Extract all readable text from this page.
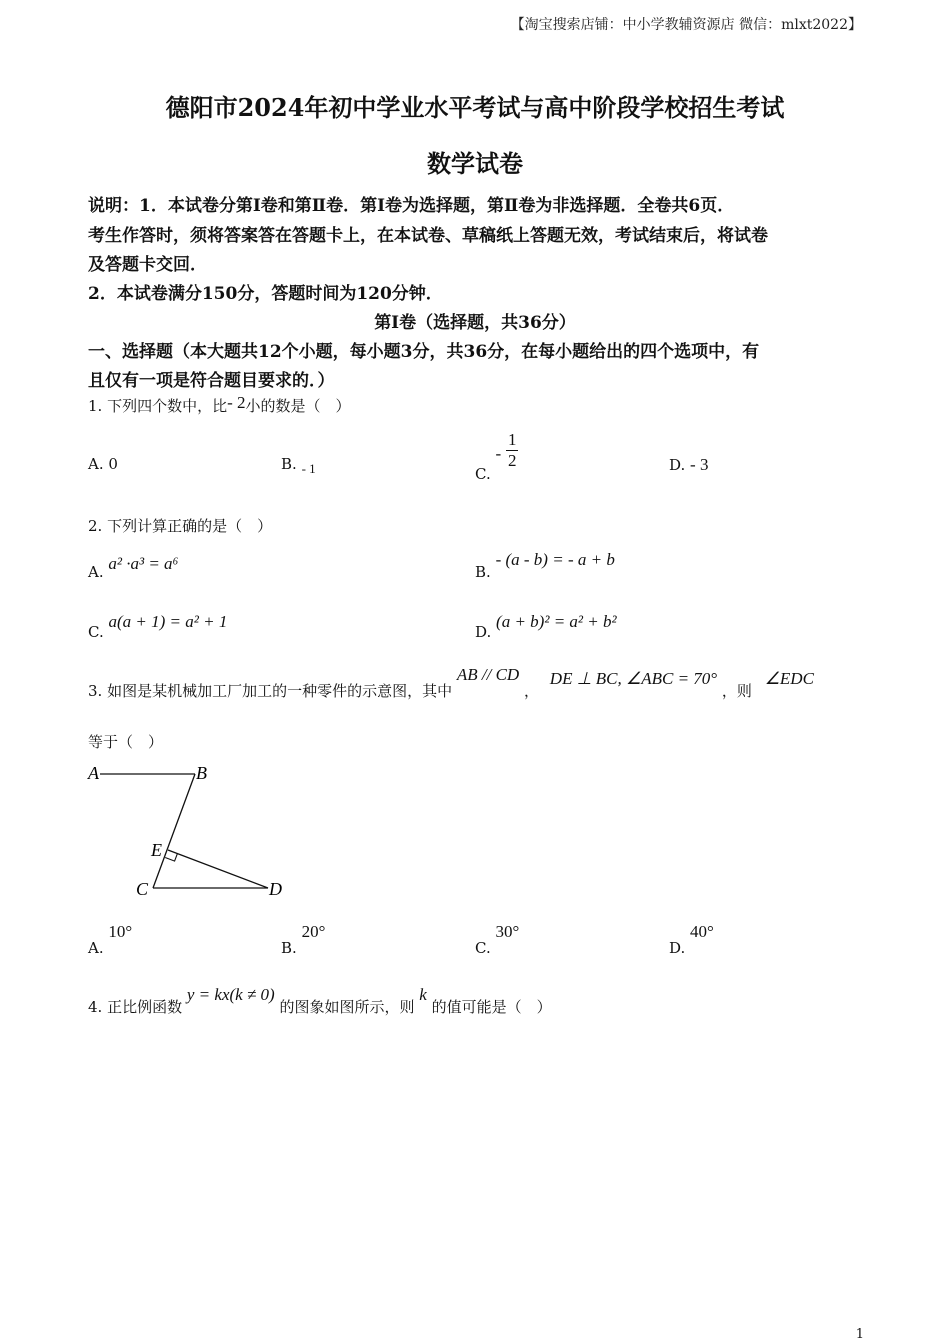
【淘宝搜索店铺：中小学教辅资源店 微信：mlxt2022】
德阳市2024年初中学业水平考试与高中阶段学校招生考试
数学试卷
说明：1．本试卷分第Ⅰ卷和第Ⅱ卷．第Ⅰ卷为选择题，第Ⅱ卷为非选择题．全卷共6页．
考生作答时，须将答案答在答题卡上，在本试卷、草稿纸上答题无效，考试结束后，将试卷
及答题卡交回．
2．本试卷满分150分，答题时间为120分钟．
第Ⅰ卷（选择题，共36分）
一、选择题（本大题共12个小题，每小题3分，共36分，在每小题给出的四个选项中，有
且仅有一项是符合题目要求的．）
1. 下列四个数中，比- 2小的数是（　）
A. 0	B. - 1	C. - $\frac{1}{2}$	D. - 3
2. 下列计算正确的是（　）
A. a² ·a³ = a⁶	B. - (a - b) = - a + b
C. a(a + 1) = a² + 1
D. (a + b)² = a² + b²
3. 如图是某机械加工厂加工的一种零件的示意图，其中 AB // CD ， DE ⊥ BC, ∠ABC = 70° ，则 ∠EDC
等于（　）
A	B
E
C	D
A. 10°
B. 20°
C. 30°
D. 40°
4. 正比例函数 y = kx(k ≠ 0) 的图象如图所示，则 k 的值可能是（　）
1
